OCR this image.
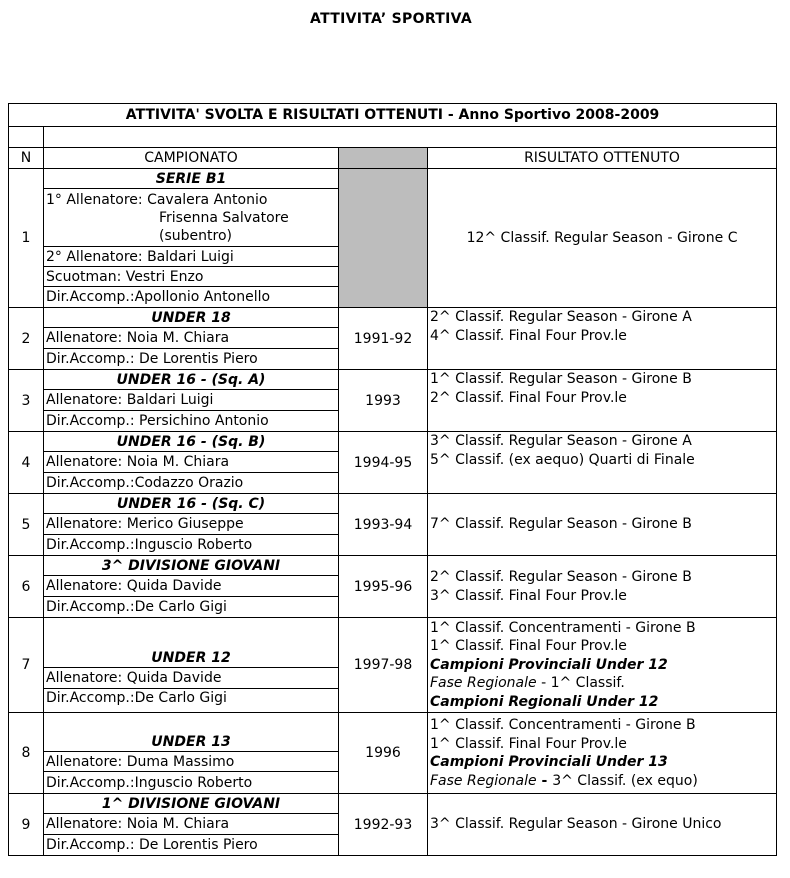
ATTIVITA’ SPORTIVA
ATTIVITA' SVOLTA E RISULTATI OTTENUTI - Anno Sportivo 2008-2009			

N	CAMPIONATO		RISULTATO OTTENUTO
1	SERIE B1		12^ Classif. Regular Season - Girone C

	1° Allenatore: Cavalera Antonio
Frisenna Salvatore
(subentro)		

	2° Allenatore: Baldari Luigi		
	Scuotman: Vestri Enzo		
	Dir.Accomp.:Apollonio Antonello		
2	UNDER 18	1991-92	2^ Classif. Regular Season - Girone A
4^ Classif. Final Four Prov.le

	Allenatore: Noia M. Chiara		
	Dir.Accomp.: De Lorentis Piero		
3	UNDER 16 - (Sq. A)	1993	1^ Classif. Regular Season - Girone B
2^ Classif. Final Four Prov.le

	Allenatore: Baldari Luigi		
	Dir.Accomp.: Persichino Antonio		
4	UNDER 16 - (Sq. B)	1994-95	3^ Classif. Regular Season - Girone A
5^ Classif. (ex aequo) Quarti di Finale

	Allenatore: Noia M. Chiara		
	Dir.Accomp.:Codazzo Orazio		
5	UNDER 16 - (Sq. C)	1993-94	7^ Classif. Regular Season - Girone B

	Allenatore: Merico Giuseppe		
	Dir.Accomp.:Inguscio Roberto		
6	3^ DIVISIONE GIOVANI	1995-96	2^ Classif. Regular Season - Girone B
3^ Classif. Final Four Prov.le

	Allenatore: Quida Davide		
	Dir.Accomp.:De Carlo Gigi		
7	UNDER 12	1997-98	1^ Classif. Concentramenti - Girone B
1^ Classif. Final Four Prov.le
Campioni Provinciali Under 12
Fase Regionale - 1^ Classif.
Campioni Regionali Under 12

	Allenatore: Quida Davide		
	Dir.Accomp.:De Carlo Gigi		
8	UNDER 13	1996	1^ Classif. Concentramenti - Girone B
1^ Classif. Final Four Prov.le
Campioni Provinciali Under 13
Fase Regionale - 3^ Classif. (ex equo)

	Allenatore: Duma Massimo		
	Dir.Accomp.:Inguscio Roberto		
9	1^ DIVISIONE GIOVANI	1992-93	3^ Classif. Regular Season - Girone Unico

	Allenatore: Noia M. Chiara		
	Dir.Accomp.: De Lorentis Piero		
